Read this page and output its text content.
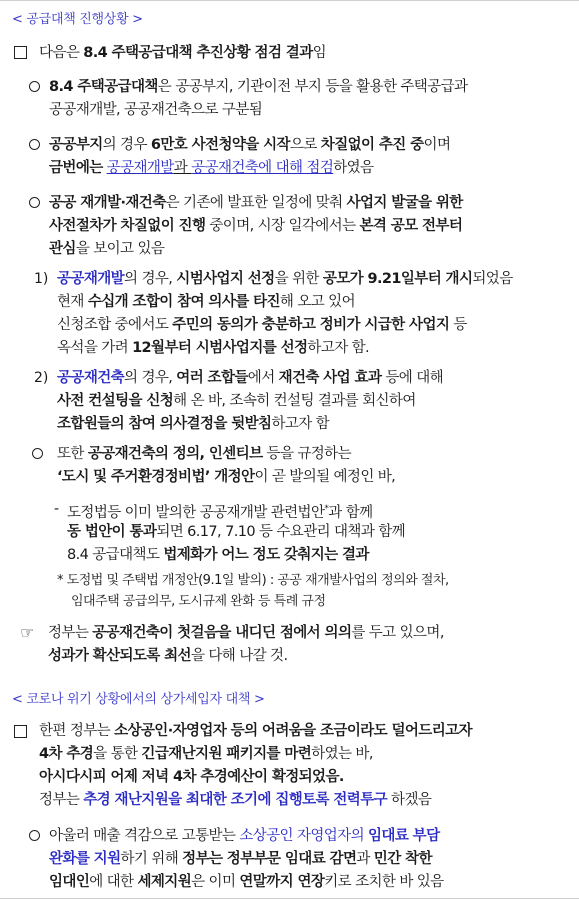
< 공급대책 진행상황 >
다음은 8.4 주택공급대책 추진상황 점검 결과임
8.4 주택공급대책은 공공부지, 기관이전 부지 등을 활용한 주택공급과
공공재개발, 공공재건축으로 구분됨
공공부지의 경우 6만호 사전청약을 시작으로 차질없이 추진 중이며
금번에는 공공재개발과 공공재건축에 대해 점검하였음
공공 재개발·재건축은 기존에 발표한 일정에 맞춰 사업지 발굴을 위한
사전절차가 차질없이 진행 중이며, 시장 일각에서는 본격 공모 전부터
관심을 보이고 있음
1) 공공재개발의 경우, 시범사업지 선정을 위한 공모가 9.21일부터 개시되었음
현재 수십개 조합이 참여 의사를 타진해 오고 있어
신청조합 중에서도 주민의 동의가 충분하고 정비가 시급한 사업지 등
옥석을 가려 12월부터 시범사업지를 선정하고자 함.
2) 공공재건축의 경우, 여러 조합들에서 재건축 사업 효과 등에 대해
사전 컨설팅을 신청해 온 바, 조속히 컨설팅 결과를 회신하여
조합원들의 참여 의사결정을 뒷받침하고자 함
또한 공공재건축의 정의, 인센티브 등을 규정하는
‘도시 및 주거환경정비법’ 개정안이 곧 발의될 예정인 바,
- 도정법등 이미 발의한 공공재개발 관련법안*과 함께
동 법안이 통과되면 6.17, 7.10 등 수요관리 대책과 함께
8.4 공급대책도 법제화가 어느 정도 갖춰지는 결과
* 도정법 및 주택법 개정안(9.1일 발의) : 공공 재개발사업의 정의와 절차,
임대주택 공급의무, 도시규제 완화 등 특례 규정
☞ 정부는 공공재건축이 첫걸음을 내디딘 점에서 의의를 두고 있으며,
성과가 확산되도록 최선을 다해 나갈 것.
< 코로나 위기 상황에서의 상가세입자 대책 >
한편 정부는 소상공인·자영업자 등의 어려움을 조금이라도 덜어드리고자
4차 추경을 통한 긴급재난지원 패키지를 마련하였는 바,
아시다시피 어제 저녁 4차 추경예산이 확정되었음.
정부는 추경 재난지원을 최대한 조기에 집행토록 전력투구 하겠음
아울러 매출 격감으로 고통받는 소상공인 자영업자의 임대료 부담
완화를 지원하기 위해 정부는 정부부문 임대료 감면과 민간 착한
임대인에 대한 세제지원은 이미 연말까지 연장키로 조치한 바 있음
